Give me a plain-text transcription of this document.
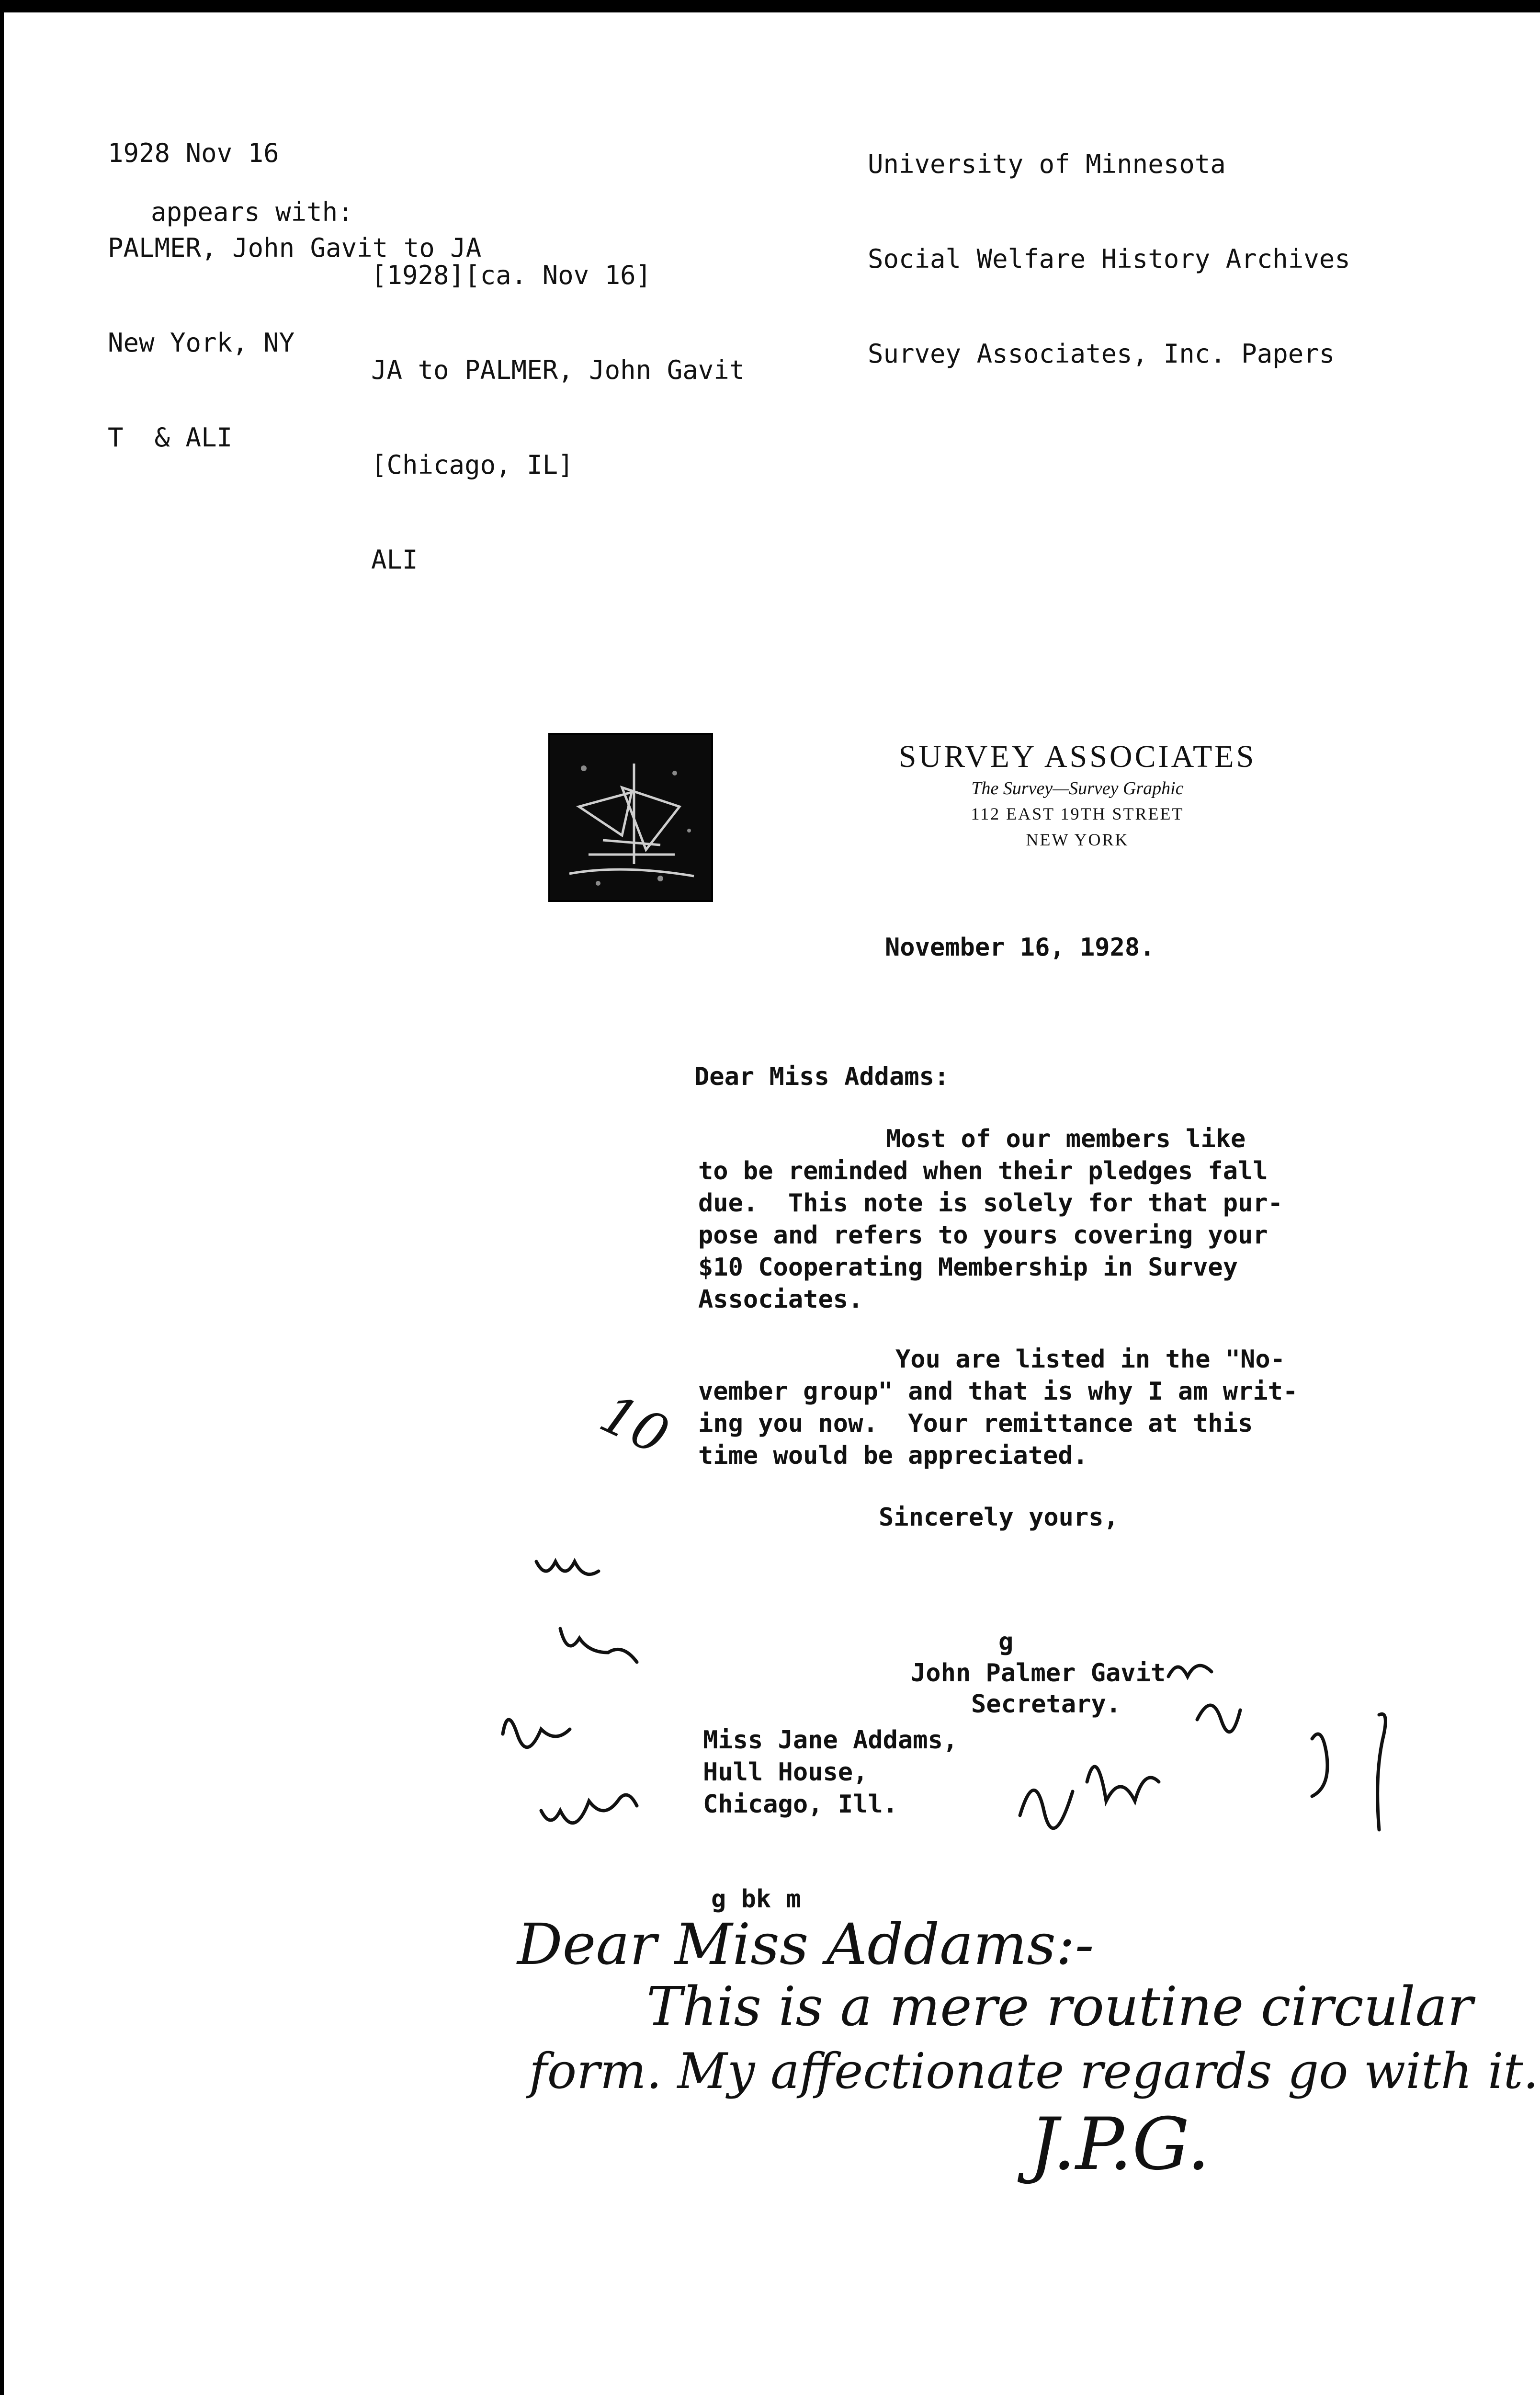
1928 Nov 16

PALMER, John Gavit to JA

New York, NY

T  & ALI

appears with:

[1928][ca. Nov 16]

JA to PALMER, John Gavit

[Chicago, IL]

ALI

University of Minnesota

Social Welfare History Archives

Survey Associates, Inc. Papers

SURVEY ASSOCIATES
The Survey—Survey Graphic
112 EAST 19TH STREET
NEW YORK
November 16, 1928.
Dear Miss Addams:
Most of our members like
to be reminded when their pledges fall
due.  This note is solely for that pur-
pose and refers to yours covering your
$10 Cooperating Membership in Survey
Associates.
You are listed in the "No-
vember group" and that is why I am writ-
ing you now.  Your remittance at this
time would be appreciated.
Sincerely yours,
g
John Palmer Gavit
Secretary.
Miss Jane Addams,
Hull House,
Chicago, Ill.
g bk m
Dear Miss Addams:-
This is a mere routine circular
form. My affectionate regards go with it.
J.P.G.
10
